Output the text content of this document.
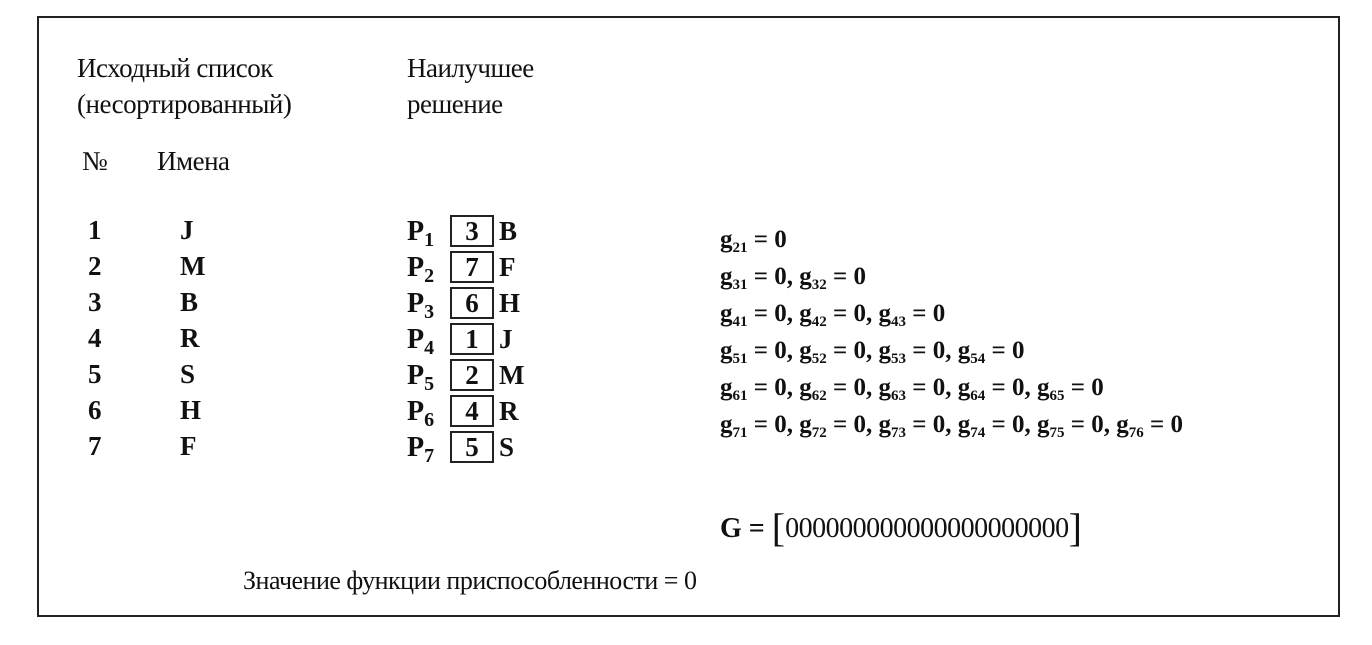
Исходный список
(несортированный)
Наилучшее
решение
№ Имена
1	J
2	M
3	B
4	R
5	S
6	H
7	F
$P_1$	3 B
$P_2$	7 F
$P_3$	6 H
$P_4$	1 J
$P_5$	2 M
$P_6$	4 R
$P_7$	5 S
$g_{21} = 0$
$g_{31} = 0$, $g_{32} = 0$
$g_{41} = 0$, $g_{42} = 0$, $g_{43} = 0$
$g_{51} = 0$, $g_{52} = 0$, $g_{53} = 0$, $g_{54} = 0$
$g_{61} = 0$, $g_{62} = 0$, $g_{63} = 0$, $g_{64} = 0$, $g_{65} = 0$
$g_{71} = 0$, $g_{72} = 0$, $g_{73} = 0$, $g_{74} = 0$, $g_{75} = 0$, $g_{76} = 0$
G = [000000000000000000000]
Значение функции приспособленности = 0
